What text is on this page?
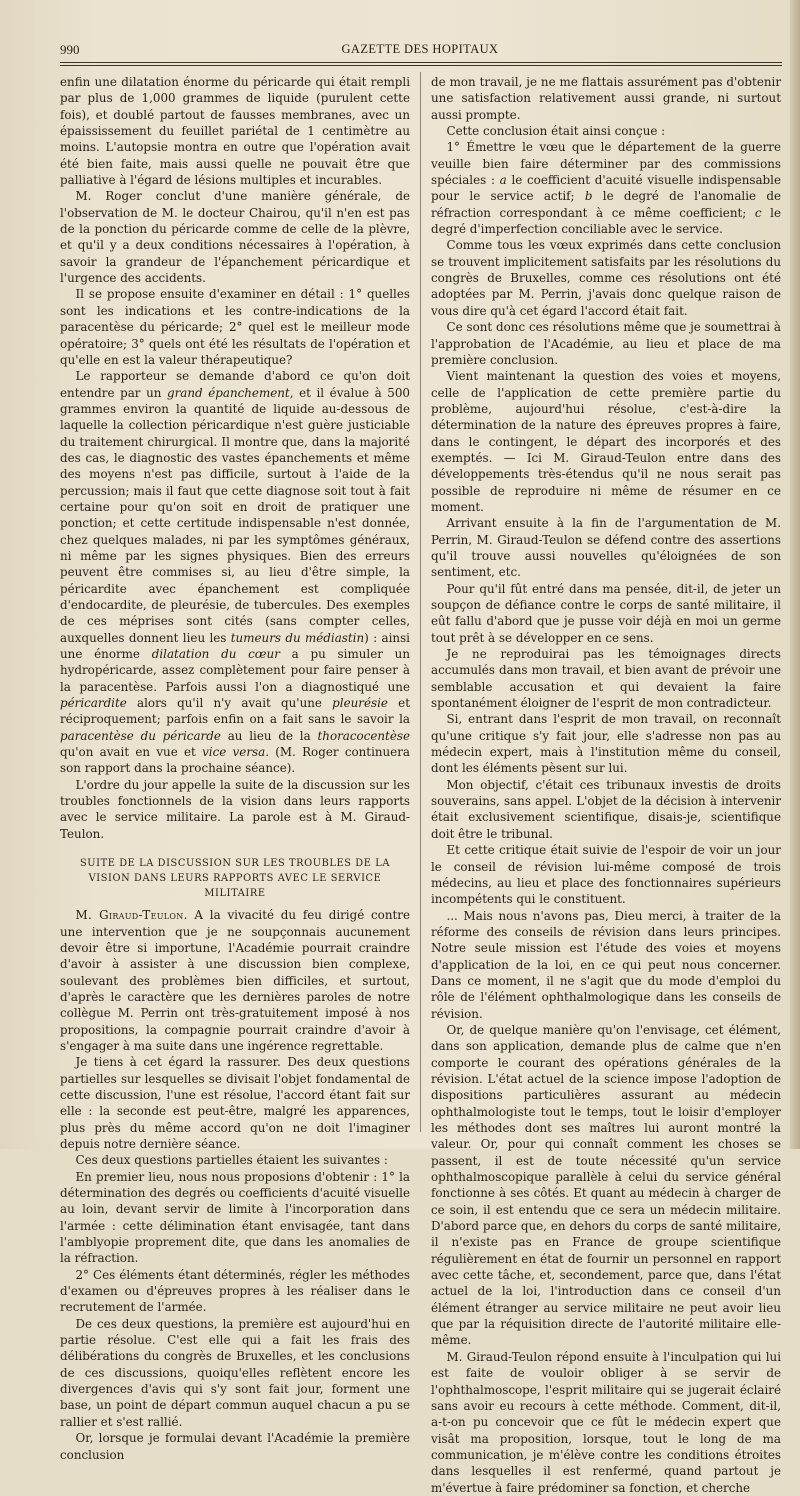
990	GAZETTE DES HOPITAUX

enfin une dilatation énorme du péricarde qui était rempli par plus de 1,000 grammes de liquide (purulent cette fois), et doublé partout de fausses membranes, avec un épaississement du feuillet pariétal de 1 centimètre au moins. L'autopsie montra en outre que l'opération avait été bien faite, mais aussi quelle ne pouvait être que palliative à l'égard de lésions multiples et incurables.

M. Roger conclut d'une manière générale, de l'observation de M. le docteur Chairou, qu'il n'en est pas de la ponction du péricarde comme de celle de la plèvre, et qu'il y a deux conditions nécessaires à l'opération, à savoir la grandeur de l'épanchement péricardique et l'urgence des accidents.

Il se propose ensuite d'examiner en détail : 1° quelles sont les indications et les contre-indications de la paracentèse du péricarde; 2° quel est le meilleur mode opératoire; 3° quels ont été les résultats de l'opération et qu'elle en est la valeur thérapeutique?

Le rapporteur se demande d'abord ce qu'on doit entendre par un grand épanchement, et il évalue à 500 grammes environ la quantité de liquide au-dessous de laquelle la collection péricardique n'est guère justiciable du traitement chirurgical. Il montre que, dans la majorité des cas, le diagnostic des vastes épanchements et même des moyens n'est pas difficile, surtout à l'aide de la percussion; mais il faut que cette diagnose soit tout à fait certaine pour qu'on soit en droit de pratiquer une ponction; et cette certitude indispensable n'est donnée, chez quelques malades, ni par les symptômes généraux, ni même par les signes physiques. Bien des erreurs peuvent être commises si, au lieu d'être simple, la péricardite avec épanchement est compliquée d'endocardite, de pleurésie, de tubercules. Des exemples de ces méprises sont cités (sans compter celles, auxquelles donnent lieu les tumeurs du médiastin) : ainsi une énorme dilatation du cœur a pu simuler un hydropéricarde, assez complètement pour faire penser à la paracentèse. Parfois aussi l'on a diagnostiqué une péricardite alors qu'il n'y avait qu'une pleurésie et réciproquement; parfois enfin on a fait sans le savoir la paracentèse du péricarde au lieu de la thoracocentèse qu'on avait en vue et vice versa. (M. Roger continuera son rapport dans la prochaine séance).

L'ordre du jour appelle la suite de la discussion sur les troubles fonctionnels de la vision dans leurs rapports avec le service militaire. La parole est à M. Giraud-Teulon.

SUITE DE LA DISCUSSION SUR LES TROUBLES DE LA VISION DANS LEURS RAPPORTS AVEC LE SERVICE MILITAIRE

M. Giraud-Teulon. A la vivacité du feu dirigé contre une intervention que je ne soupçonnais aucunement devoir être si importune, l'Académie pourrait craindre d'avoir à assister à une discussion bien complexe, soulevant des problèmes bien difficiles, et surtout, d'après le caractère que les dernières paroles de notre collègue M. Perrin ont très-gratuitement imposé à nos propositions, la compagnie pourrait craindre d'avoir à s'engager à ma suite dans une ingérence regrettable.

Je tiens à cet égard la rassurer. Des deux questions partielles sur lesquelles se divisait l'objet fondamental de cette discussion, l'une est résolue, l'accord étant fait sur elle : la seconde est peut-être, malgré les apparences, plus près du même accord qu'on ne doit l'imaginer depuis notre dernière séance.

Ces deux questions partielles étaient les suivantes :

En premier lieu, nous nous proposions d'obtenir : 1° la détermination des degrés ou coefficients d'acuité visuelle au loin, devant servir de limite à l'incorporation dans l'armée : cette délimination étant envisagée, tant dans l'amblyopie proprement dite, que dans les anomalies de la réfraction.

2° Ces éléments étant déterminés, régler les méthodes d'examen ou d'épreuves propres à les réaliser dans le recrutement de l'armée.

De ces deux questions, la première est aujourd'hui en partie résolue. C'est elle qui a fait les frais des délibérations du congrès de Bruxelles, et les conclusions de ces discussions, quoiqu'elles reflètent encore les divergences d'avis qui s'y sont fait jour, forment une base, un point de départ commun auquel chacun a pu se rallier et s'est rallié.

Or, lorsque je formulai devant l'Académie la première conclusion

de mon travail, je ne me flattais assurément pas d'obtenir une satisfaction relativement aussi grande, ni surtout aussi prompte.

Cette conclusion était ainsi conçue :

1° Émettre le vœu que le département de la guerre veuille bien faire déterminer par des commissions spéciales : a le coefficient d'acuité visuelle indispensable pour le service actif; b le degré de l'anomalie de réfraction correspondant à ce même coefficient; c le degré d'imperfection conciliable avec le service.

Comme tous les vœux exprimés dans cette conclusion se trouvent implicitement satisfaits par les résolutions du congrès de Bruxelles, comme ces résolutions ont été adoptées par M. Perrin, j'avais donc quelque raison de vous dire qu'à cet égard l'accord était fait.

Ce sont donc ces résolutions même que je soumettrai à l'approbation de l'Académie, au lieu et place de ma première conclusion.

Vient maintenant la question des voies et moyens, celle de l'application de cette première partie du problème, aujourd'hui résolue, c'est-à-dire la détermination de la nature des épreuves propres à faire, dans le contingent, le départ des incorporés et des exemptés. — Ici M. Giraud-Teulon entre dans des développements très-étendus qu'il ne nous serait pas possible de reproduire ni même de résumer en ce moment.

Arrivant ensuite à la fin de l'argumentation de M. Perrin, M. Giraud-Teulon se défend contre des assertions qu'il trouve aussi nouvelles qu'éloignées de son sentiment, etc.

Pour qu'il fût entré dans ma pensée, dit-il, de jeter un soupçon de défiance contre le corps de santé militaire, il eût fallu d'abord que je pusse voir déjà en moi un germe tout prêt à se développer en ce sens.

Je ne reproduirai pas les témoignages directs accumulés dans mon travail, et bien avant de prévoir une semblable accusation et qui devaient la faire spontanément éloigner de l'esprit de mon contradicteur.

Si, entrant dans l'esprit de mon travail, on reconnaît qu'une critique s'y fait jour, elle s'adresse non pas au médecin expert, mais à l'institution même du conseil, dont les éléments pèsent sur lui.

Mon objectif, c'était ces tribunaux investis de droits souverains, sans appel. L'objet de la décision à intervenir était exclusivement scientifique, disais-je, scientifique doit être le tribunal.

Et cette critique était suivie de l'espoir de voir un jour le conseil de révision lui-même composé de trois médecins, au lieu et place des fonctionnaires supérieurs incompétents qui le constituent.

... Mais nous n'avons pas, Dieu merci, à traiter de la réforme des conseils de révision dans leurs principes. Notre seule mission est l'étude des voies et moyens d'application de la loi, en ce qui peut nous concerner. Dans ce moment, il ne s'agit que du mode d'emploi du rôle de l'élément ophthalmologique dans les conseils de révision.

Or, de quelque manière qu'on l'envisage, cet élément, dans son application, demande plus de calme que n'en comporte le courant des opérations générales de la révision. L'état actuel de la science impose l'adoption de dispositions particulières assurant au médecin ophthalmologiste tout le temps, tout le loisir d'employer les méthodes dont ses maîtres lui auront montré la valeur. Or, pour qui connaît comment les choses se passent, il est de toute nécessité qu'un service ophthalmoscopique parallèle à celui du service général fonctionne à ses côtés. Et quant au médecin à charger de ce soin, il est entendu que ce sera un médecin militaire. D'abord parce que, en dehors du corps de santé militaire, il n'existe pas en France de groupe scientifique régulièrement en état de fournir un personnel en rapport avec cette tâche, et, secondement, parce que, dans l'état actuel de la loi, l'introduction dans ce conseil d'un élément étranger au service militaire ne peut avoir lieu que par la réquisition directe de l'autorité militaire elle-même.

M. Giraud-Teulon répond ensuite à l'inculpation qui lui est faite de vouloir obliger à se servir de l'ophthalmoscope, l'esprit militaire qui se jugerait éclairé sans avoir eu recours à cette méthode. Comment, dit-il, a-t-on pu concevoir que ce fût le médecin expert que visât ma proposition, lorsque, tout le long de ma communication, je m'élève contre les conditions étroites dans lesquelles il est renfermé, quand partout je m'évertue à faire prédominer sa fonction, et cherche
